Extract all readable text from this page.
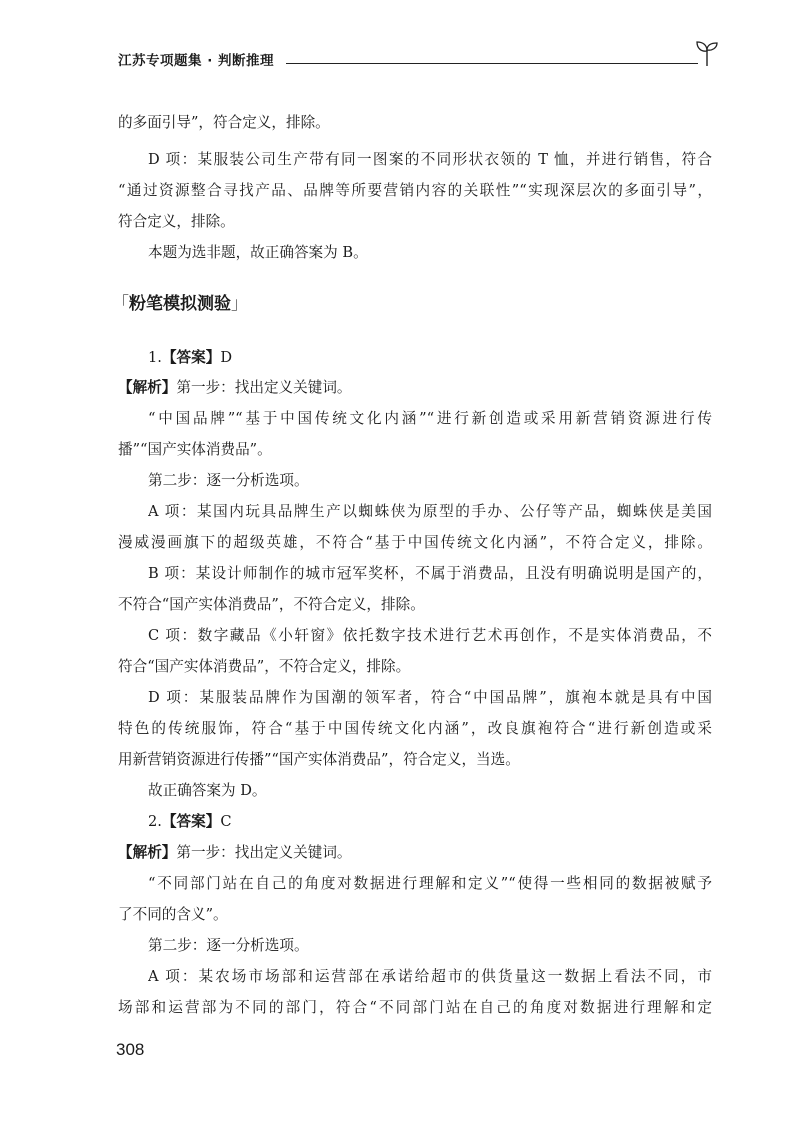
江苏专项题集 · 判断推理
的多面引导”，符合定义，排除。
D 项：某服装公司生产带有同一图案的不同形状衣领的 T 恤，并进行销售，符合
“通过资源整合寻找产品、品牌等所要营销内容的关联性”“实现深层次的多面引导”，
符合定义，排除。
本题为选非题，故正确答案为 B。
「粉笔模拟测验」
1.【答案】D
【解析】第一步：找出定义关键词。
“中国品牌”“基于中国传统文化内涵”“进行新创造或采用新营销资源进行传
播”“国产实体消费品”。
第二步：逐一分析选项。
A 项：某国内玩具品牌生产以蜘蛛侠为原型的手办、公仔等产品，蜘蛛侠是美国
漫威漫画旗下的超级英雄，不符合“基于中国传统文化内涵”，不符合定义，排除。
B 项：某设计师制作的城市冠军奖杯，不属于消费品，且没有明确说明是国产的，
不符合“国产实体消费品”，不符合定义，排除。
C 项：数字藏品《小轩窗》依托数字技术进行艺术再创作，不是实体消费品，不
符合“国产实体消费品”，不符合定义，排除。
D 项：某服装品牌作为国潮的领军者，符合“中国品牌”，旗袍本就是具有中国
特色的传统服饰，符合“基于中国传统文化内涵”，改良旗袍符合“进行新创造或采
用新营销资源进行传播”“国产实体消费品”，符合定义，当选。
故正确答案为 D。
2.【答案】C
【解析】第一步：找出定义关键词。
“不同部门站在自己的角度对数据进行理解和定义”“使得一些相同的数据被赋予
了不同的含义”。
第二步：逐一分析选项。
A 项：某农场市场部和运营部在承诺给超市的供货量这一数据上看法不同，市
场部和运营部为不同的部门，符合“不同部门站在自己的角度对数据进行理解和定
308
